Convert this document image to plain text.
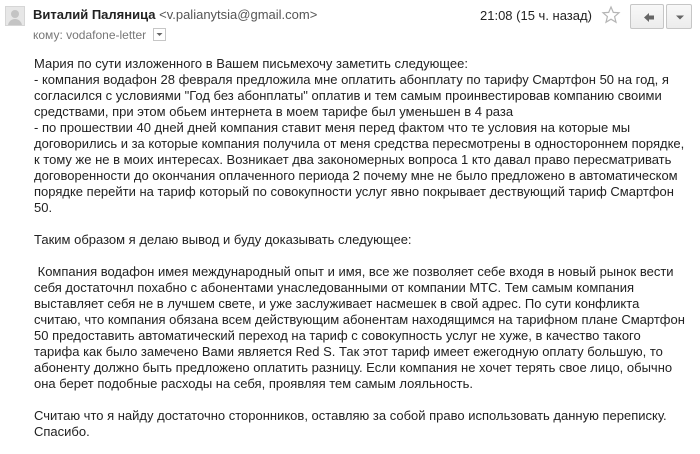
Виталий Паляница <v.palianytsia@gmail.com>
кому: vodafone-letter
21:08 (15 ч. назад)

Мария по сути изложенного в Вашем письмехочу заметить следующее:

- компания водафон 28 февраля предложила мне оплатить абонплату по тарифу Смартфон 50 на год, я

согласился с условиями "Год без абонплаты" оплатив и тем самым проинвестировав компанию своими

средствами, при этом обьем интернета в моем тарифе был уменьшен в 4 раза

- по прошествии 40 дней дней компания ставит меня перед фактом что те условия на которые мы

договорились и за которые компания получила от меня средства пересмотрены в одностороннем порядке,

к тому же не в моих интересах. Возникает два закономерных вопроса 1 кто давал право пересматривать

договоренности до окончания оплаченного периода 2 почему мне не было предложено в автоматическом

порядке перейти на тариф который по совокупности услуг явно покрывает дествующий тариф Смартфон

50.

Таким образом я делаю вывод и буду доказывать следующее:

Компания водафон имея международный опыт и имя, все же позволяет себе входя в новый рынок вести

себя достаточнл похабно с абонентами унаследованными от компании МТС. Тем самым компания

выставляет себя не в лучшем свете, и уже заслуживает насмешек в свой адрес. По сути конфликта

считаю, что компания обязана всем действующим абонентам находящимся на тарифном плане Смартфон

50 предоставить автоматический переход на тариф с совокупность услуг не хуже, в качество такого

тарифа как было замечено Вами является Red S. Так этот тариф имеет ежегодную оплату большую, то

абоненту должно быть предложено оплатить разницу. Если компания не хочет терять свое лицо, обычно

она берет подобные расходы на себя, проявляя тем самым лояльность.

Считаю что я найду достаточно сторонников, оставляю за собой право использовать данную переписку.

Спасибо.
